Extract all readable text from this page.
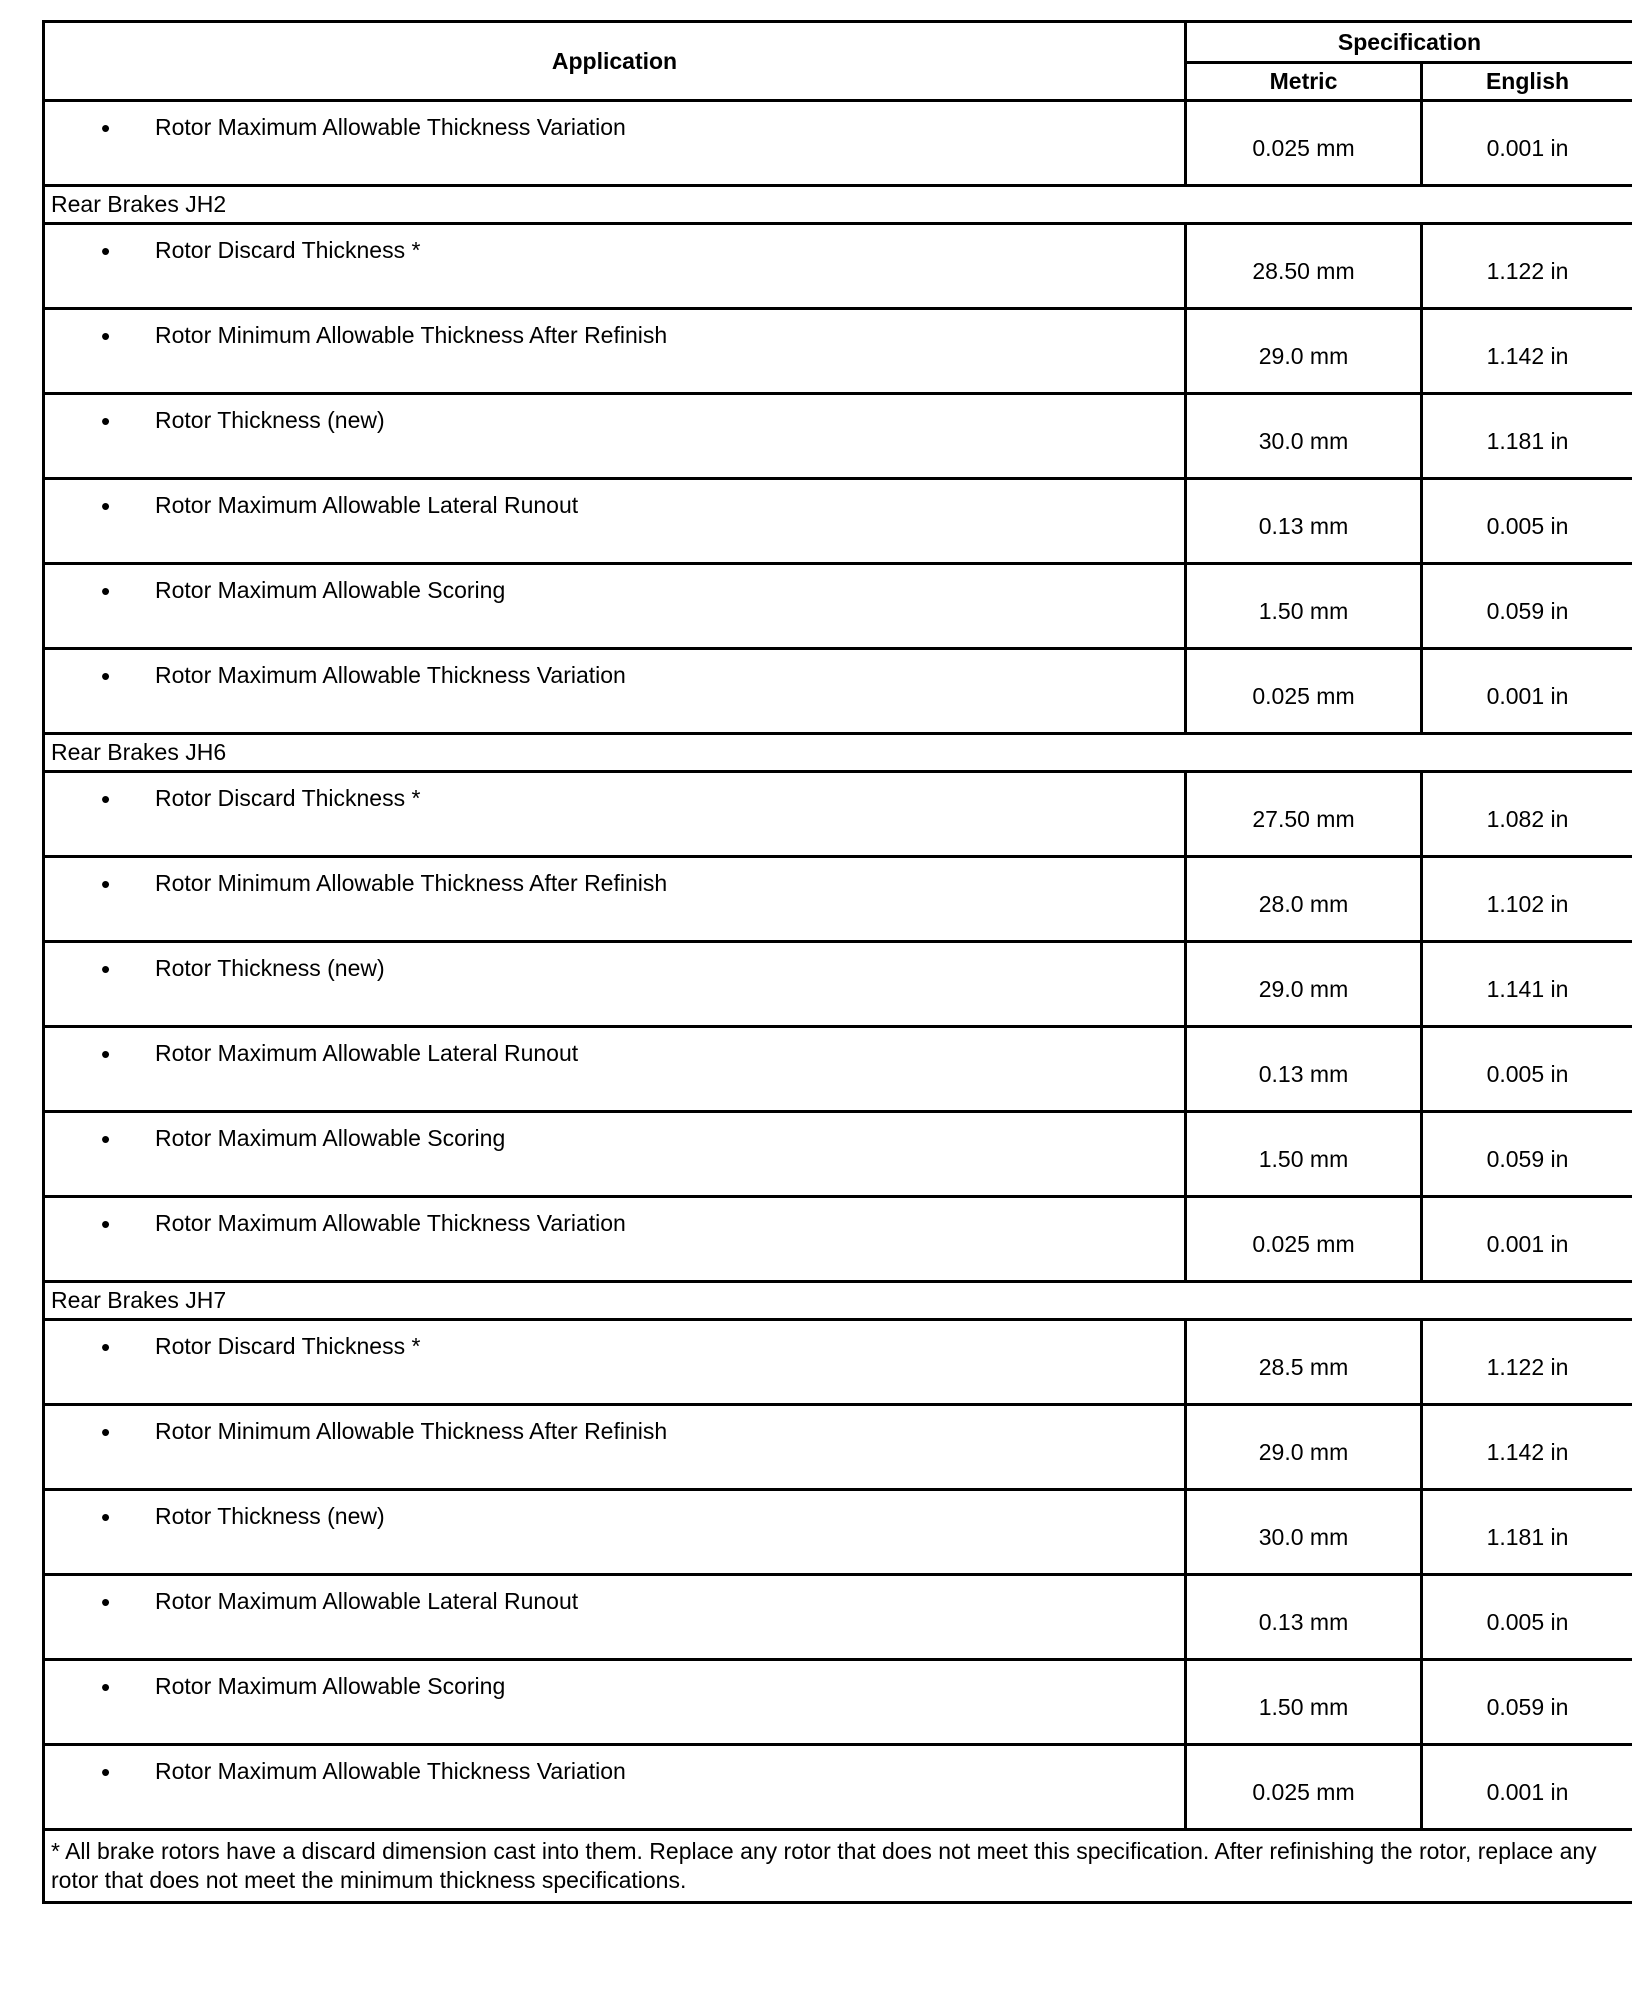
Application	Specification	
	Metric	English

• Rotor Maximum Allowable Thickness Variation	0.025 mm	0.001 in
Rear Brakes JH2		

• Rotor Discard Thickness *	28.50 mm	1.122 in

• Rotor Minimum Allowable Thickness After Refinish	29.0 mm	1.142 in

• Rotor Thickness (new)	30.0 mm	1.181 in

• Rotor Maximum Allowable Lateral Runout	0.13 mm	0.005 in

• Rotor Maximum Allowable Scoring	1.50 mm	0.059 in

• Rotor Maximum Allowable Thickness Variation	0.025 mm	0.001 in
Rear Brakes JH6		

• Rotor Discard Thickness *	27.50 mm	1.082 in

• Rotor Minimum Allowable Thickness After Refinish	28.0 mm	1.102 in

• Rotor Thickness (new)	29.0 mm	1.141 in

• Rotor Maximum Allowable Lateral Runout	0.13 mm	0.005 in

• Rotor Maximum Allowable Scoring	1.50 mm	0.059 in

• Rotor Maximum Allowable Thickness Variation	0.025 mm	0.001 in
Rear Brakes JH7		

• Rotor Discard Thickness *	28.5 mm	1.122 in

• Rotor Minimum Allowable Thickness After Refinish	29.0 mm	1.142 in

• Rotor Thickness (new)	30.0 mm	1.181 in

• Rotor Maximum Allowable Lateral Runout	0.13 mm	0.005 in

• Rotor Maximum Allowable Scoring	1.50 mm	0.059 in

• Rotor Maximum Allowable Thickness Variation	0.025 mm	0.001 in
* All brake rotors have a discard dimension cast into them. Replace any rotor that does not meet this specification. After refinishing the rotor, replace any rotor that does not meet the minimum thickness specifications.		
